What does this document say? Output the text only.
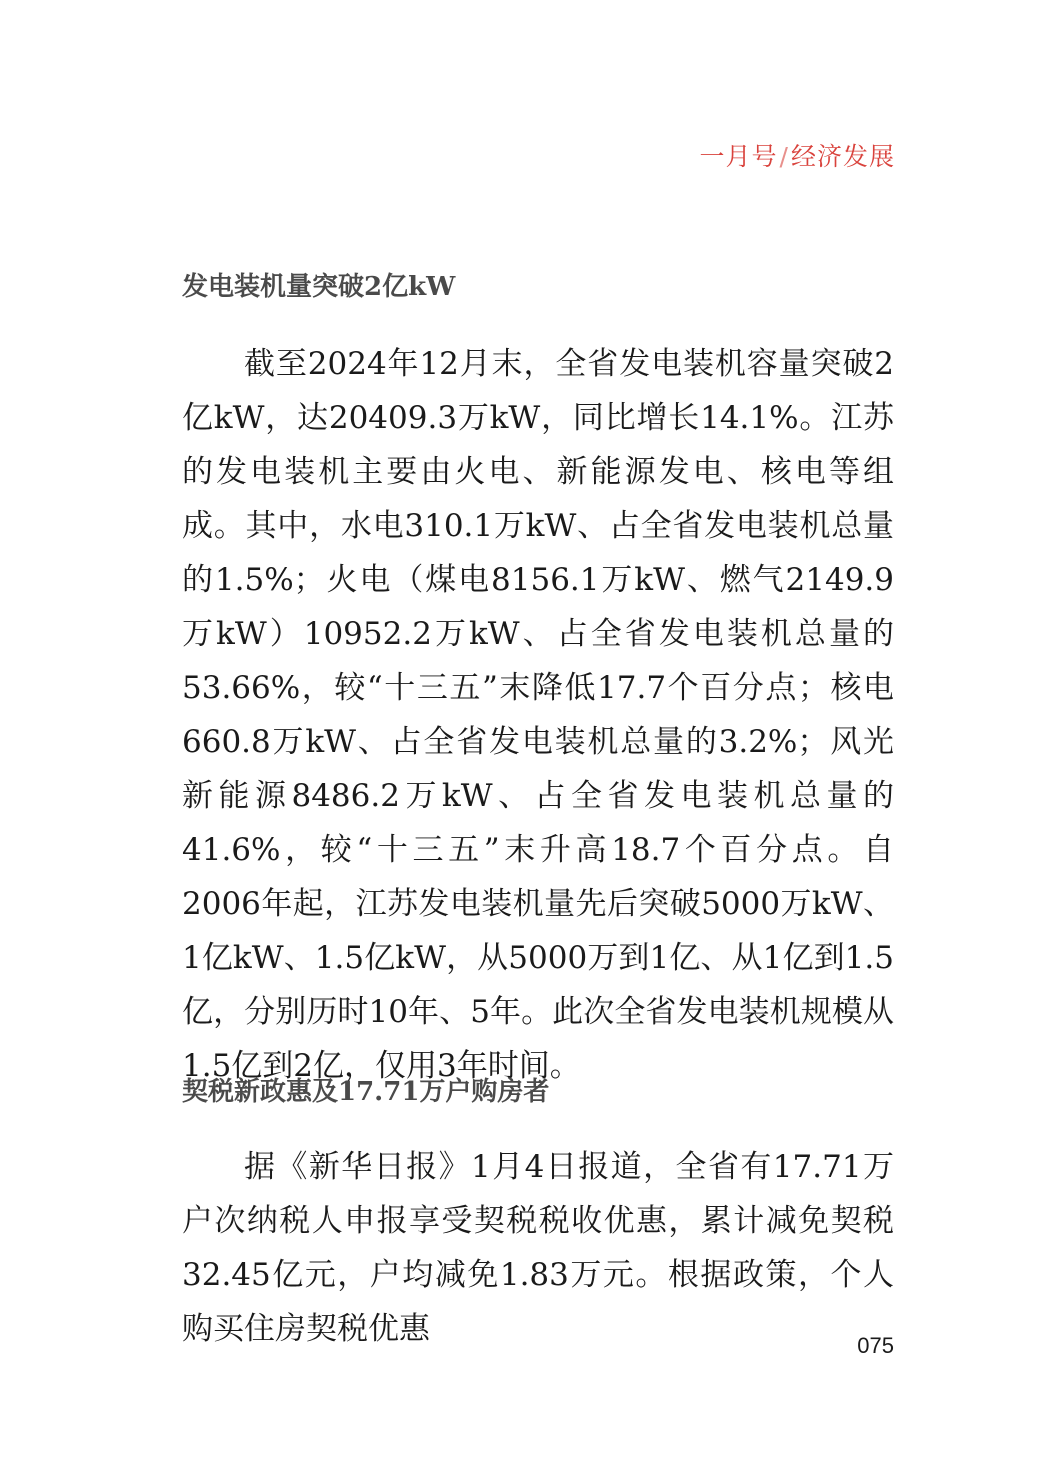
一月号/经济发展
发电装机量突破2亿kW

截至2024年12月末，全省发电装机容量突破2亿kW，达20409.3万kW，同比增长14.1%。江苏的发电装机主要由火电、新能源发电、核电等组成。其中，水电310.1万kW、占全省发电装机总量的1.5%；火电（煤电8156.1万kW、燃气2149.9万kW）10952.2万kW、占全省发电装机总量的53.66%，较“十三五”末降低17.7个百分点；核电660.8万kW、占全省发电装机总量的3.2%；风光新能源8486.2万kW、占全省发电装机总量的41.6%，较“十三五”末升高18.7个百分点。自2006年起，江苏发电装机量先后突破5000万kW、1亿kW、1.5亿kW，从5000万到1亿、从1亿到1.5亿，分别历时10年、5年。此次全省发电装机规模从1.5亿到2亿，仅用3年时间。

契税新政惠及17.71万户购房者

据《新华日报》1月4日报道，全省有17.71万户次纳税人申报享受契税税收优惠，累计减免契税32.45亿元，户均减免1.83万元。根据政策，个人购买住房契税优惠	075
